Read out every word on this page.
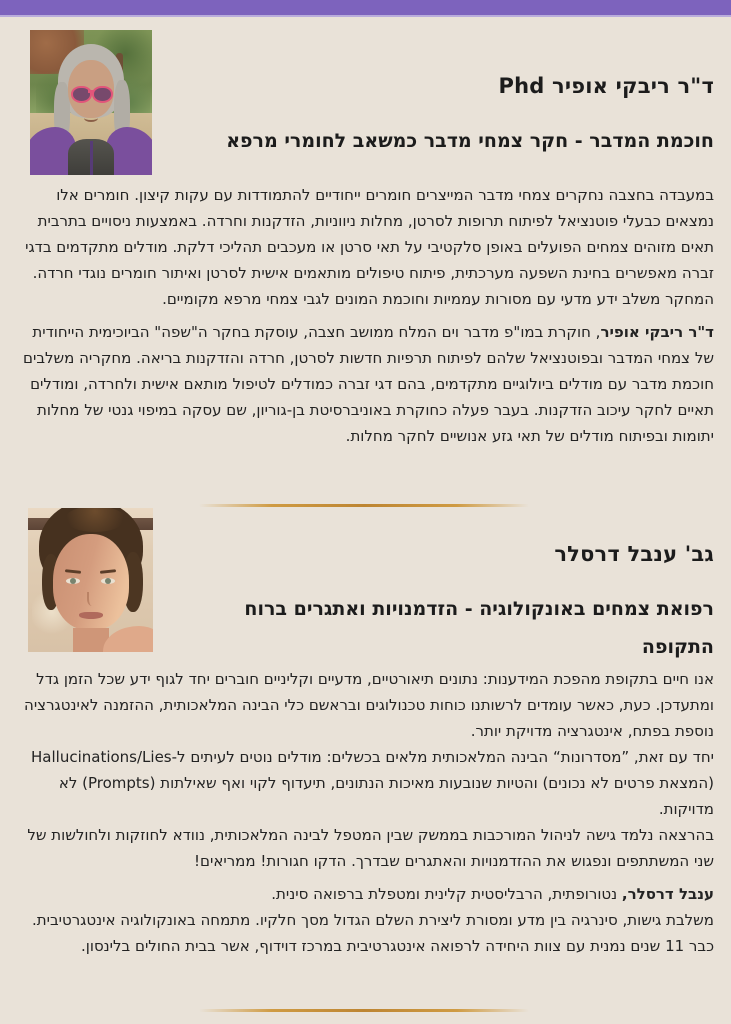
ד"ר ריבקי אופיר Phd
חוכמת המדבר - חקר צמחי מדבר כמשאב לחומרי מרפא

במעבדה בחצבה נחקרים צמחי מדבר המייצרים חומרים ייחודיים להתמודדות עם עקות קיצון. חומרים אלו נמצאים כבעלי פוטנציאל לפיתוח תרופות לסרטן, מחלות ניווניות, הזדקנות וחרדה. באמצעות ניסויים בתרבית תאים מזוהים צמחים הפועלים באופן סלקטיבי על תאי סרטן או מעכבים תהליכי דלקת. מודלים מתקדמים בדגי זברה מאפשרים בחינת השפעה מערכתית, פיתוח טיפולים מותאמים אישית לסרטן ואיתור חומרים נוגדי חרדה.
המחקר משלב ידע מדעי עם מסורות עממיות וחוכמת המונים לגבי צמחי מרפא מקומיים.

ד"ר ריבקי אופיר, חוקרת במו"פ מדבר וים המלח ממושב חצבה, עוסקת בחקר ה"שפה" הביוכימית הייחודית של צמחי המדבר ובפוטנציאל שלהם לפיתוח תרפיות חדשות לסרטן, חרדה והזדקנות בריאה. מחקריה משלבים חוכמת מדבר עם מודלים ביולוגיים מתקדמים, בהם דגי זברה כמודלים לטיפול מותאם אישית ולחרדה, ומודלים תאיים לחקר עיכוב הזדקנות. בעבר פעלה כחוקרת באוניברסיטת בן-גוריון, שם עסקה במיפוי גנטי של מחלות יתומות ובפיתוח מודלים של תאי גזע אנושיים לחקר מחלות.

גב' ענבל דרסלר
רפואת צמחים באונקולוגיה - הזדמנויות ואתגרים ברוח
התקופה

אנו חיים בתקופת מהפכת המידענות: נתונים תיאורטיים, מדעיים וקליניים חוברים יחד לגוף ידע שכל הזמן גדל ומתעדכן. כעת, כאשר עומדים לרשותנו כוחות טכנולוגים ובראשם כלי הבינה המלאכותית, ההזמנה לאינטגרציה נוספת בפתח, אינטגרציה מדויקת יותר.
יחד עם זאת, ”מסדרונות“ הבינה המלאכותית מלאים בכשלים: מודלים נוטים לעיתים ל-Hallucinations/Lies (המצאת פרטים לא נכונים) והטיות שנובעות מאיכות הנתונים, תיעדוף לקוי ואף שאילתות (Prompts) לא מדויקות.
בהרצאה נלמד גישה לניהול המורכבות בממשק שבין המטפל לבינה המלאכותית, נוודא לחוזקות ולחולשות של שני המשתתפים ונפגוש את ההזדמנויות והאתגרים שבדרך. הדקו חגורות! ממריאים!

ענבל דרסלר, נטורופתית, הרבליסטית קלינית ומטפלת ברפואה סינית.
משלבת גישות, סינרגיה בין מדע ומסורת ליצירת השלם הגדול מסך חלקיו. מתמחה באונקולוגיה אינטגרטיבית. כבר 11 שנים נמנית עם צוות היחידה לרפואה אינטגרטיבית במרכז דוידוף, אשר בבית החולים בלינסון.
